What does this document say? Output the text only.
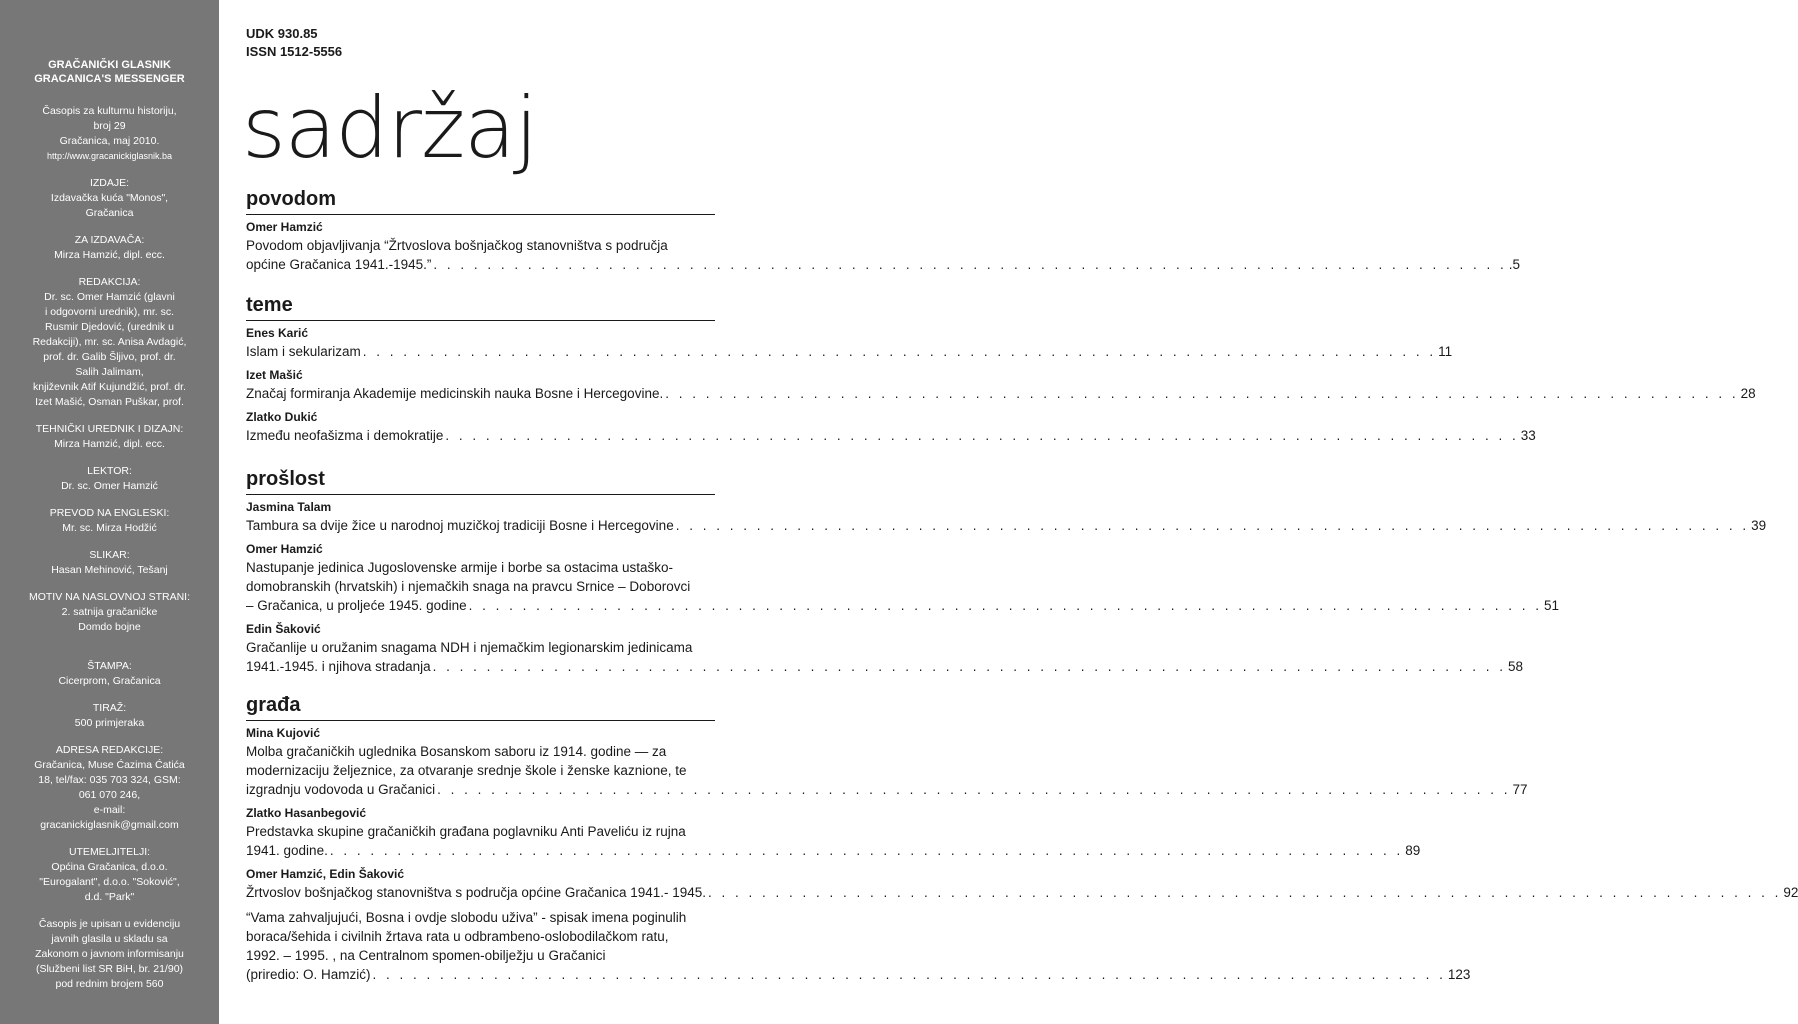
GRAČANIČKI GLASNIK
GRACANICA'S MESSENGER
Časopis za kulturnu historiju,
broj 29
Gračanica, maj 2010.
http://www.gracanickiglasnik.ba
IZDAJE:
Izdavačka kuća "Monos",
Gračanica
ZA IZDAVAČA:
Mirza Hamzić, dipl. ecc.
REDAKCIJA:
Dr. sc. Omer Hamzić (glavni
i odgovorni urednik), mr. sc.
Rusmir Djedović, (urednik u
Redakciji), mr. sc. Anisa Avdagić,
prof. dr. Galib Šljivo, prof. dr.
Salih Jalimam,
književnik Atif Kujundžić, prof. dr.
Izet Mašić, Osman Puškar, prof.
TEHNIČKI UREDNIK I DIZAJN:
Mirza Hamzić, dipl. ecc.
LEKTOR:
Dr. sc. Omer Hamzić
PREVOD NA ENGLESKI:
Mr. sc. Mirza Hodžić
SLIKAR:
Hasan Mehinović, Tešanj
MOTIV NA NASLOVNOJ STRANI:
2. satnija gračaničke
Domdo bojne
ŠTAMPA:
Cicerprom, Gračanica
TIRAŽ:
500 primjeraka
ADRESA REDAKCIJE:
Gračanica, Muse Ćazima Ćatića
18, tel/fax: 035 703 324, GSM:
061 070 246,
e-mail:
gracanickiglasnik@gmail.com
UTEMELJITELJI:
Općina Gračanica, d.o.o.
"Eurogalant", d.o.o. "Soković",
d.d. "Park"
Časopis je upisan u evidenciju
javnih glasila u skladu sa
Zakonom o javnom informisanju
(Službeni list SR BiH, br. 21/90)
pod rednim brojem 560
UDK 930.85
ISSN 1512-5556
sadržaj
povodom
Omer Hamzić
Povodom objavljivanja “Žrtvoslova bošnjačkog stanovništva s područja
općine Gračanica 1941.-1945.” . . . . . . . . . . . . . . . . . . . . . . . . . . . . . . . . . . . . . . . . . . . . . . . . . . . . . . . . . . . . . . . . . . . . . . . . . . . . . . . . .5
teme
Enes Karić
Islam i sekularizam . . . . . . . . . . . . . . . . . . . . . . . . . . . . . . . . . . . . . . . . . . . . . . . . . . . . . . . . . . . . . . . . . . . . . . . . . . . . . . . . 11
Izet Mašić
Značaj formiranja Akademije medicinskih nauka Bosne i Hercegovine. . . . . . . . . . . . . . . . . . . . . . . . . . . . . . . . . . . . . . . . . . . . . . . . . . . . . . . . . . . . . . . . . . . . . . . . . . . . . . . . . 28
Zlatko Dukić
Između neofašizma i demokratije . . . . . . . . . . . . . . . . . . . . . . . . . . . . . . . . . . . . . . . . . . . . . . . . . . . . . . . . . . . . . . . . . . . . . . . . . . . . . . . . 33
prošlost
Jasmina Talam
Tambura sa dvije žice u narodnoj muzičkoj tradiciji Bosne i Hercegovine . . . . . . . . . . . . . . . . . . . . . . . . . . . . . . . . . . . . . . . . . . . . . . . . . . . . . . . . . . . . . . . . . . . . . . . . . . . . . . . . 39
Omer Hamzić
Nastupanje jedinica Jugoslovenske armije i borbe sa ostacima ustaško-
domobranskih (hrvatskih) i njemačkih snaga na pravcu Srnice – Doborovci
– Gračanica, u proljeće 1945. godine . . . . . . . . . . . . . . . . . . . . . . . . . . . . . . . . . . . . . . . . . . . . . . . . . . . . . . . . . . . . . . . . . . . . . . . . . . . . . . . . 51
Edin Šaković
Gračanlije u oružanim snagama NDH i njemačkim legionarskim jedinicama
1941.-1945. i njihova stradanja . . . . . . . . . . . . . . . . . . . . . . . . . . . . . . . . . . . . . . . . . . . . . . . . . . . . . . . . . . . . . . . . . . . . . . . . . . . . . . . . 58
građa
Mina Kujović
Molba gračaničkih uglednika Bosanskom saboru iz 1914. godine — za
modernizaciju željeznice, za otvaranje srednje škole i ženske kaznione, te
izgradnju vodovoda u Gračanici . . . . . . . . . . . . . . . . . . . . . . . . . . . . . . . . . . . . . . . . . . . . . . . . . . . . . . . . . . . . . . . . . . . . . . . . . . . . . . . . 77
Zlatko Hasanbegović
Predstavka skupine gračaničkih građana poglavniku Anti Paveliću iz rujna
1941. godine. . . . . . . . . . . . . . . . . . . . . . . . . . . . . . . . . . . . . . . . . . . . . . . . . . . . . . . . . . . . . . . . . . . . . . . . . . . . . . . . . 89
Omer Hamzić, Edin Šaković
Žrtvoslov bošnjačkog stanovništva s područja općine Gračanica 1941.- 1945. . . . . . . . . . . . . . . . . . . . . . . . . . . . . . . . . . . . . . . . . . . . . . . . . . . . . . . . . . . . . . . . . . . . . . . . . . . . . . . . . 92
“Vama zahvaljujući, Bosna i ovdje slobodu uživa” - spisak imena poginulih
boraca/šehida i civilnih žrtava rata u odbrambeno-oslobodilačkom ratu,
1992. – 1995. , na Centralnom spomen-obilježju u Gračanici
(priredio: O. Hamzić) . . . . . . . . . . . . . . . . . . . . . . . . . . . . . . . . . . . . . . . . . . . . . . . . . . . . . . . . . . . . . . . . . . . . . . . . . . . . . . . . 123
